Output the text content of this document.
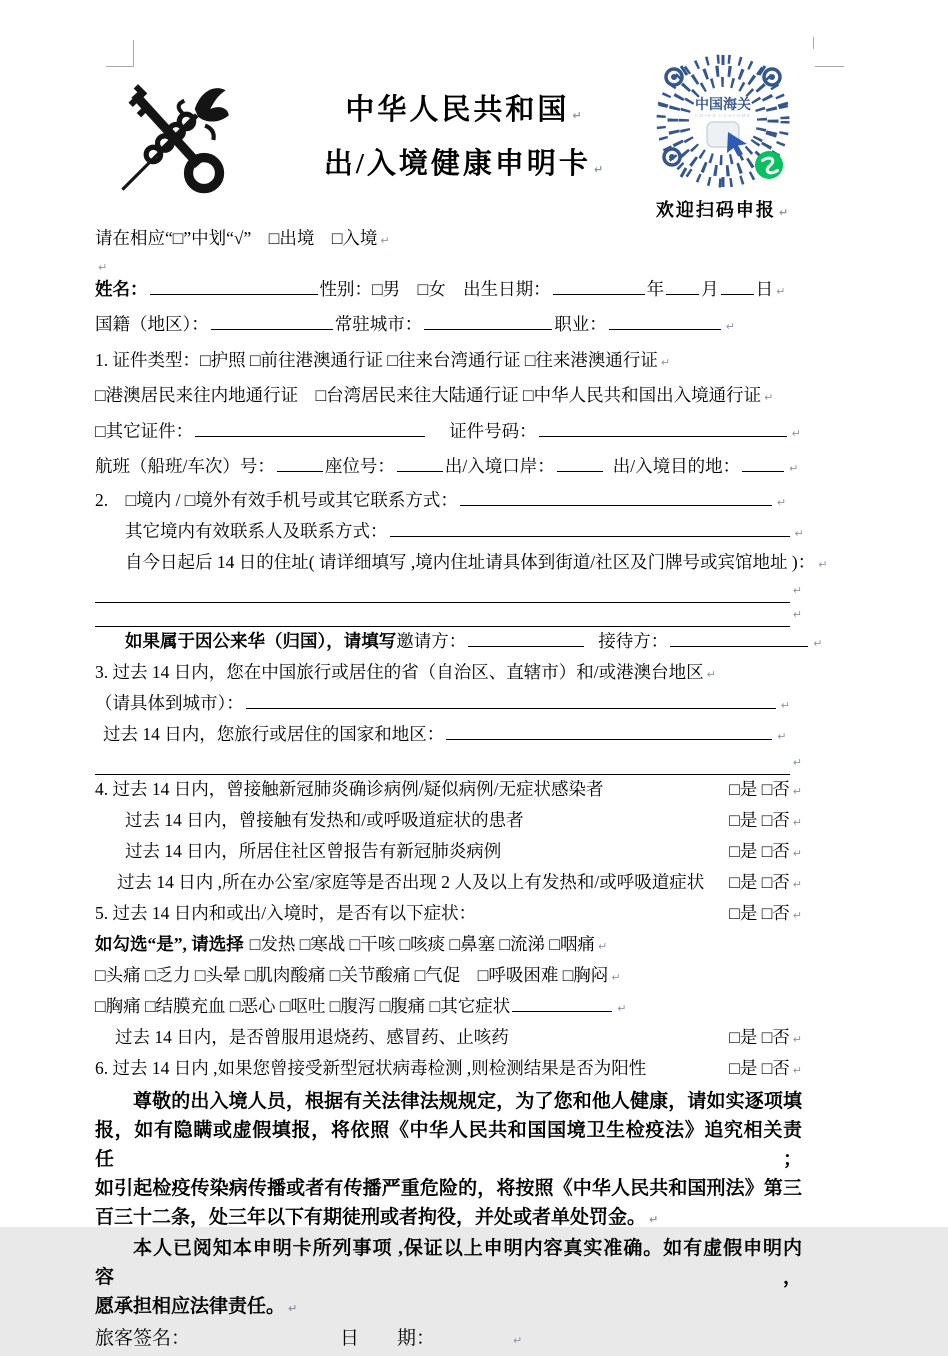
中华人民共和国 ↵
出/入境健康申明卡 ↵
中国海关
CHINA CUSTOMS
欢迎扫码申报 ↵
请在相应“□”中划“√”　□出境　□入境 ↵
↵
姓名：	性别：□男　□女　出生日期：	年 月 日 ↵
国籍（地区）：	常驻城市：	职业：	↵
1. 证件类型：□护照 □前往港澳通行证 □往来台湾通行证 □往来港澳通行证 ↵
□港澳居民来往内地通行证　□台湾居民来往大陆通行证 □中华人民共和国出入境通行证 ↵
□其它证件：	证件号码：	↵
航班（船班/车次）号：	座位号：	出/入境口岸：	出/入境目的地：	↵
2.　□境内 / □境外有效手机号或其它联系方式：	↵
其它境内有效联系人及联系方式：	↵
自今日起后 14 日的住址( 请详细填写 ,境内住址请具体到街道/社区及门牌号或宾馆地址 )： ↵
↵
↵
如果属于因公来华（归国），请填写邀请方：	接待方：	↵
3. 过去 14 日内，您在中国旅行或居住的省（自治区、直辖市）和/或港澳台地区 ↵
（请具体到城市）：	↵
过去 14 日内，您旅行或居住的国家和地区：	↵
↵
4. 过去 14 日内，曾接触新冠肺炎确诊病例/疑似病例/无症状感染者	□是 □否 ↵
过去 14 日内，曾接触有发热和/或呼吸道症状的患者	□是 □否 ↵
过去 14 日内，所居住社区曾报告有新冠肺炎病例	□是 □否 ↵
过去 14 日内 ,所在办公室/家庭等是否出现 2 人及以上有发热和/或呼吸道症状 □是 □否 ↵
5. 过去 14 日内和或出/入境时，是否有以下症状：	□是 □否 ↵
如勾选“是”, 请选择 □发热 □寒战 □干咳 □咳痰 □鼻塞 □流涕 □咽痛 ↵
□头痛 □乏力 □头晕 □肌肉酸痛 □关节酸痛 □气促　□呼吸困难 □胸闷 ↵
□胸痛 □结膜充血 □恶心 □呕吐 □腹泻 □腹痛 □其它症状	↵
过去 14 日内，是否曾服用退烧药、感冒药、止咳药	□是 □否 ↵
6. 过去 14 日内 ,如果您曾接受新型冠状病毒检测 ,则检测结果是否为阳性	□是 □否 ↵
尊敬的出入境人员，根据有关法律法规规定，为了您和他人健康，请如实逐项填
报，如有隐瞒或虚假填报，将依照《中华人民共和国国境卫生检疫法》追究相关责任；
如引起检疫传染病传播或者有传播严重危险的，将按照《中华人民共和国刑法》第三
百三十二条，处三年以下有期徒刑或者拘役，并处或者单处罚金。 ↵
本人已阅知本申明卡所列事项 ,保证以上申明内容真实准确。如有虚假申明内容，
愿承担相应法律责任。 ↵
旅客签名：	日　　期：	↵
